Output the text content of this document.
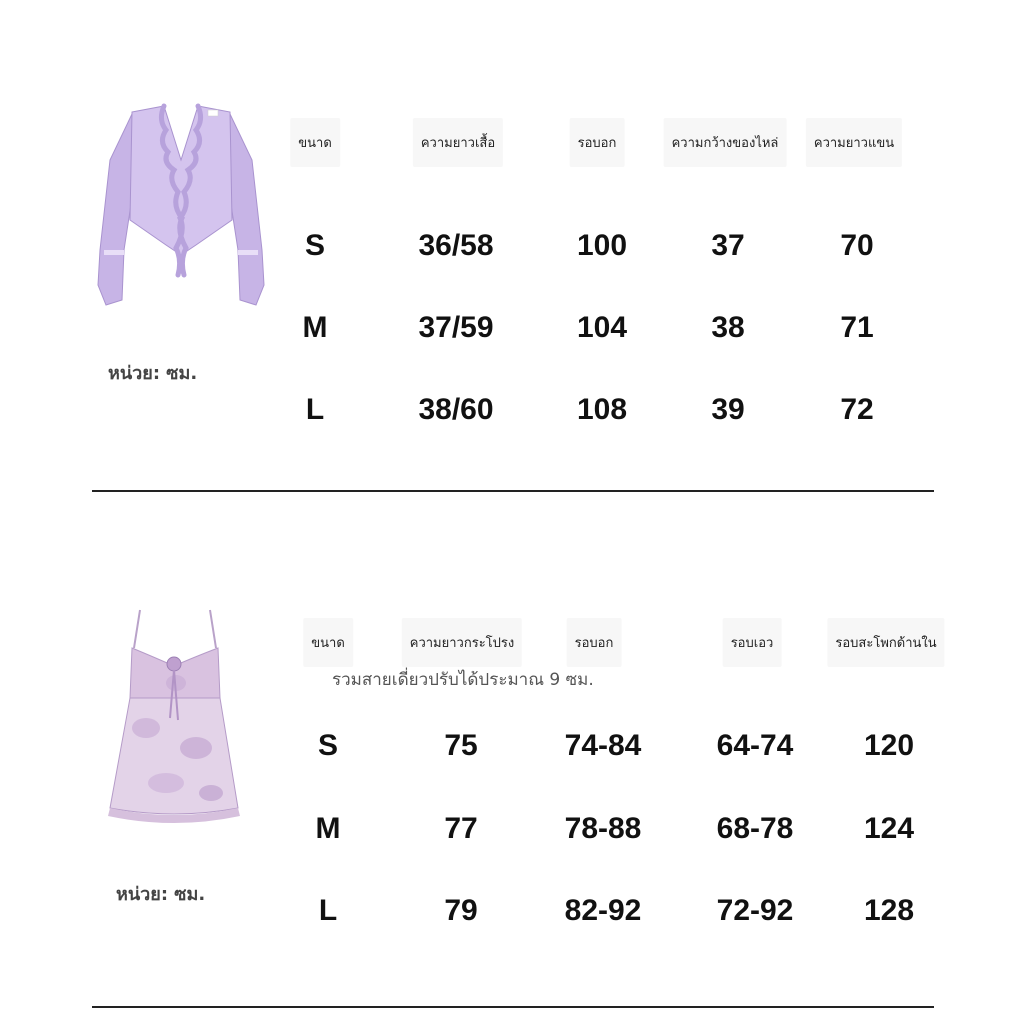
หน่วย: ซม.
ขนาด	ความยาวเสื้อ	รอบอก	ความกว้างของไหล่	ความยาวแขน
S	36/58	100	37	70
M	37/59	104	38	71
L	38/60	108	39	72
หน่วย: ซม.
ขนาด	ความยาวกระโปรง	รอบอก	รอบเอว	รอบสะโพกด้านใน
รวมสายเดี่ยวปรับได้ประมาณ 9 ซม.
S	75	74-84	64-74 120
M	77	78-88	68-78 124
L	79	82-92	72-92 128
